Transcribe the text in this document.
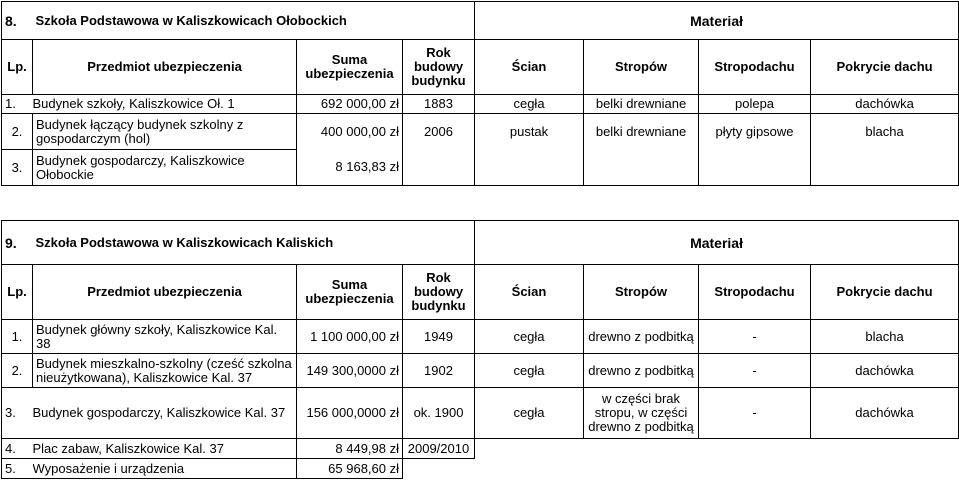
8.	Szkoła Podstawowa w Kaliszkowicach Ołobockich			Materiał			
Lp.	Przedmiot ubezpieczenia	Suma ubezpieczenia	Rok budowy budynku	Ścian	Stropów	Stropodachu	Pokrycie dachu
1.	Budynek szkoły, Kaliszkowice Oł. 1	692 000,00 zł	1883	cegła	belki drewniane	polepa	dachówka
2.	Budynek łączący budynek szkolny z gospodarczym (hol)	400 000,00 zł	2006	pustak	belki drewniane	płyty gipsowe	blacha
3.	Budynek gospodarczy, Kaliszkowice Ołobockie	8 163,83 zł					
9.	Szkoła Podstawowa w Kaliszkowicach Kaliskich			Materiał			
Lp.	Przedmiot ubezpieczenia	Suma ubezpieczenia	Rok budowy budynku	Ścian	Stropów	Stropodachu	Pokrycie dachu
1.	Budynek główny szkoły, Kaliszkowice Kal. 38	1 100 000,00 zł	1949	cegła	drewno z podbitką	-	blacha
2.	Budynek mieszkalno-szkolny (cześć szkolna nieużytkowana), Kaliszkowice Kal. 37	149 300,0000 zł	1902	cegła	drewno z podbitką	-	dachówka
3.	Budynek gospodarczy, Kaliszkowice Kal. 37	156 000,0000 zł	ok. 1900	cegła	w części brak stropu, w części drewno z podbitką	-	dachówka
4.	Plac zabaw, Kaliszkowice Kal. 37	8 449,98 zł	2009/2010				
5.	Wyposażenie i urządzenia	65 968,60 zł					
